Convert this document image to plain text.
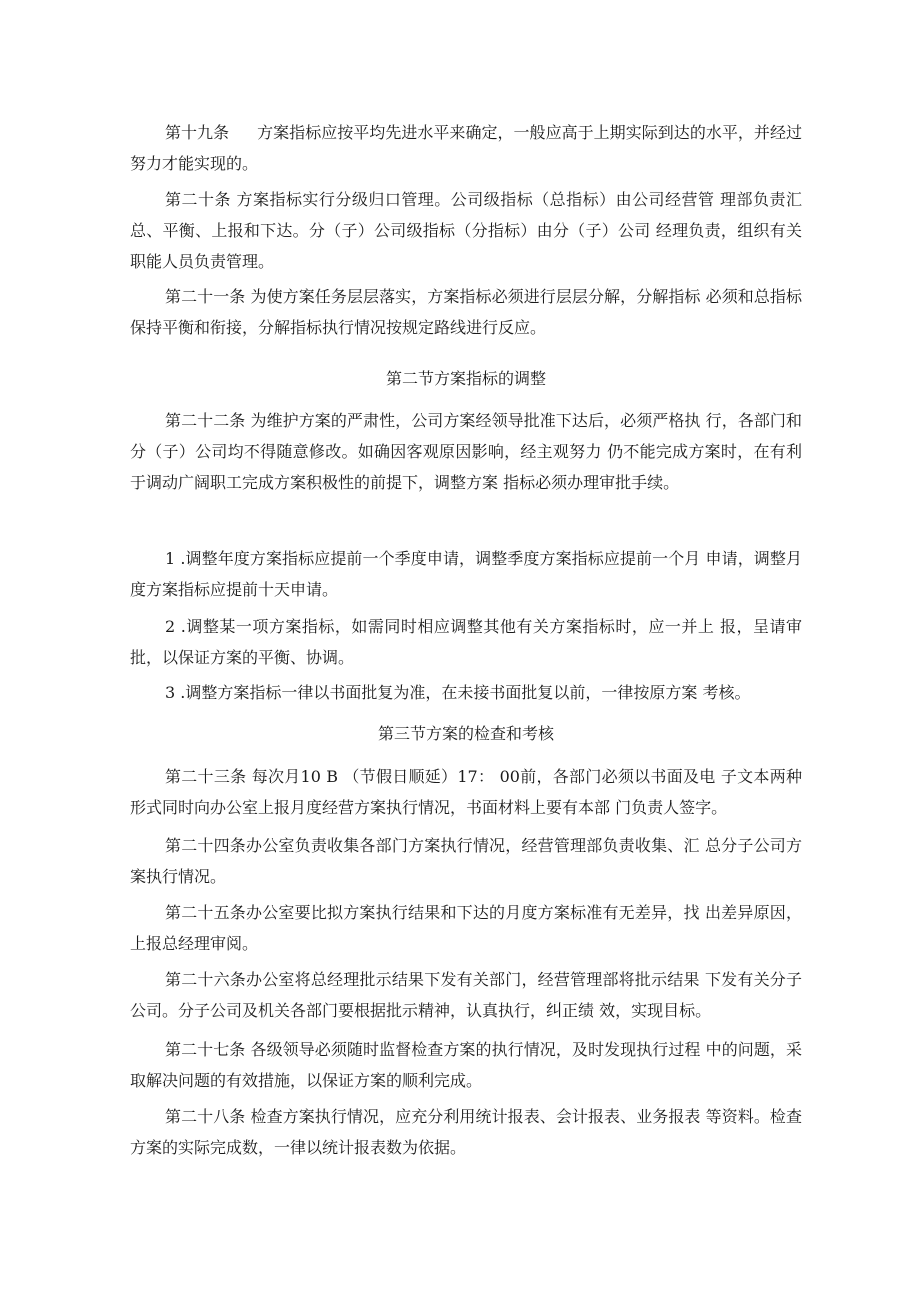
第十九条 方案指标应按平均先进水平来确定，一般应高于上期实际到达的水平，并经过努力才能实现的。

第二十条 方案指标实行分级归口管理。公司级指标（总指标）由公司经营管 理部负责汇总、平衡、上报和下达。分（子）公司级指标（分指标）由分（子）公司 经理负责，组织有关职能人员负责管理。

第二十一条 为使方案任务层层落实，方案指标必须进行层层分解，分解指标 必须和总指标保持平衡和衔接，分解指标执行情况按规定路线进行反应。

第二节方案指标的调整

第二十二条 为维护方案的严肃性，公司方案经领导批准下达后，必须严格执 行，各部门和分（子）公司均不得随意修改。如确因客观原因影响，经主观努力 仍不能完成方案时，在有利于调动广阔职工完成方案积极性的前提下，调整方案 指标必须办理审批手续。

1 .调整年度方案指标应提前一个季度申请，调整季度方案指标应提前一个月 申请，调整月度方案指标应提前十天申请。

2 .调整某一项方案指标，如需同时相应调整其他有关方案指标时，应一并上 报，呈请审批，以保证方案的平衡、协调。

3 .调整方案指标一律以书面批复为准，在未接书面批复以前，一律按原方案 考核。

第三节方案的检查和考核

第二十三条 每次月10 B （节假日顺延）17： 00前，各部门必须以书面及电 子文本两种形式同时向办公室上报月度经营方案执行情况，书面材料上要有本部 门负责人签字。

第二十四条办公室负责收集各部门方案执行情况，经营管理部负责收集、汇 总分子公司方案执行情况。

第二十五条办公室要比拟方案执行结果和下达的月度方案标准有无差异，找 出差异原因，上报总经理审阅。

第二十六条办公室将总经理批示结果下发有关部门，经营管理部将批示结果 下发有关分子公司。分子公司及机关各部门要根据批示精神，认真执行，纠正绩 效，实现目标。

第二十七条 各级领导必须随时监督检查方案的执行情况，及时发现执行过程 中的问题，采取解决问题的有效措施，以保证方案的顺利完成。

第二十八条 检查方案执行情况，应充分利用统计报表、会计报表、业务报表 等资料。检查方案的实际完成数，一律以统计报表数为依据。
